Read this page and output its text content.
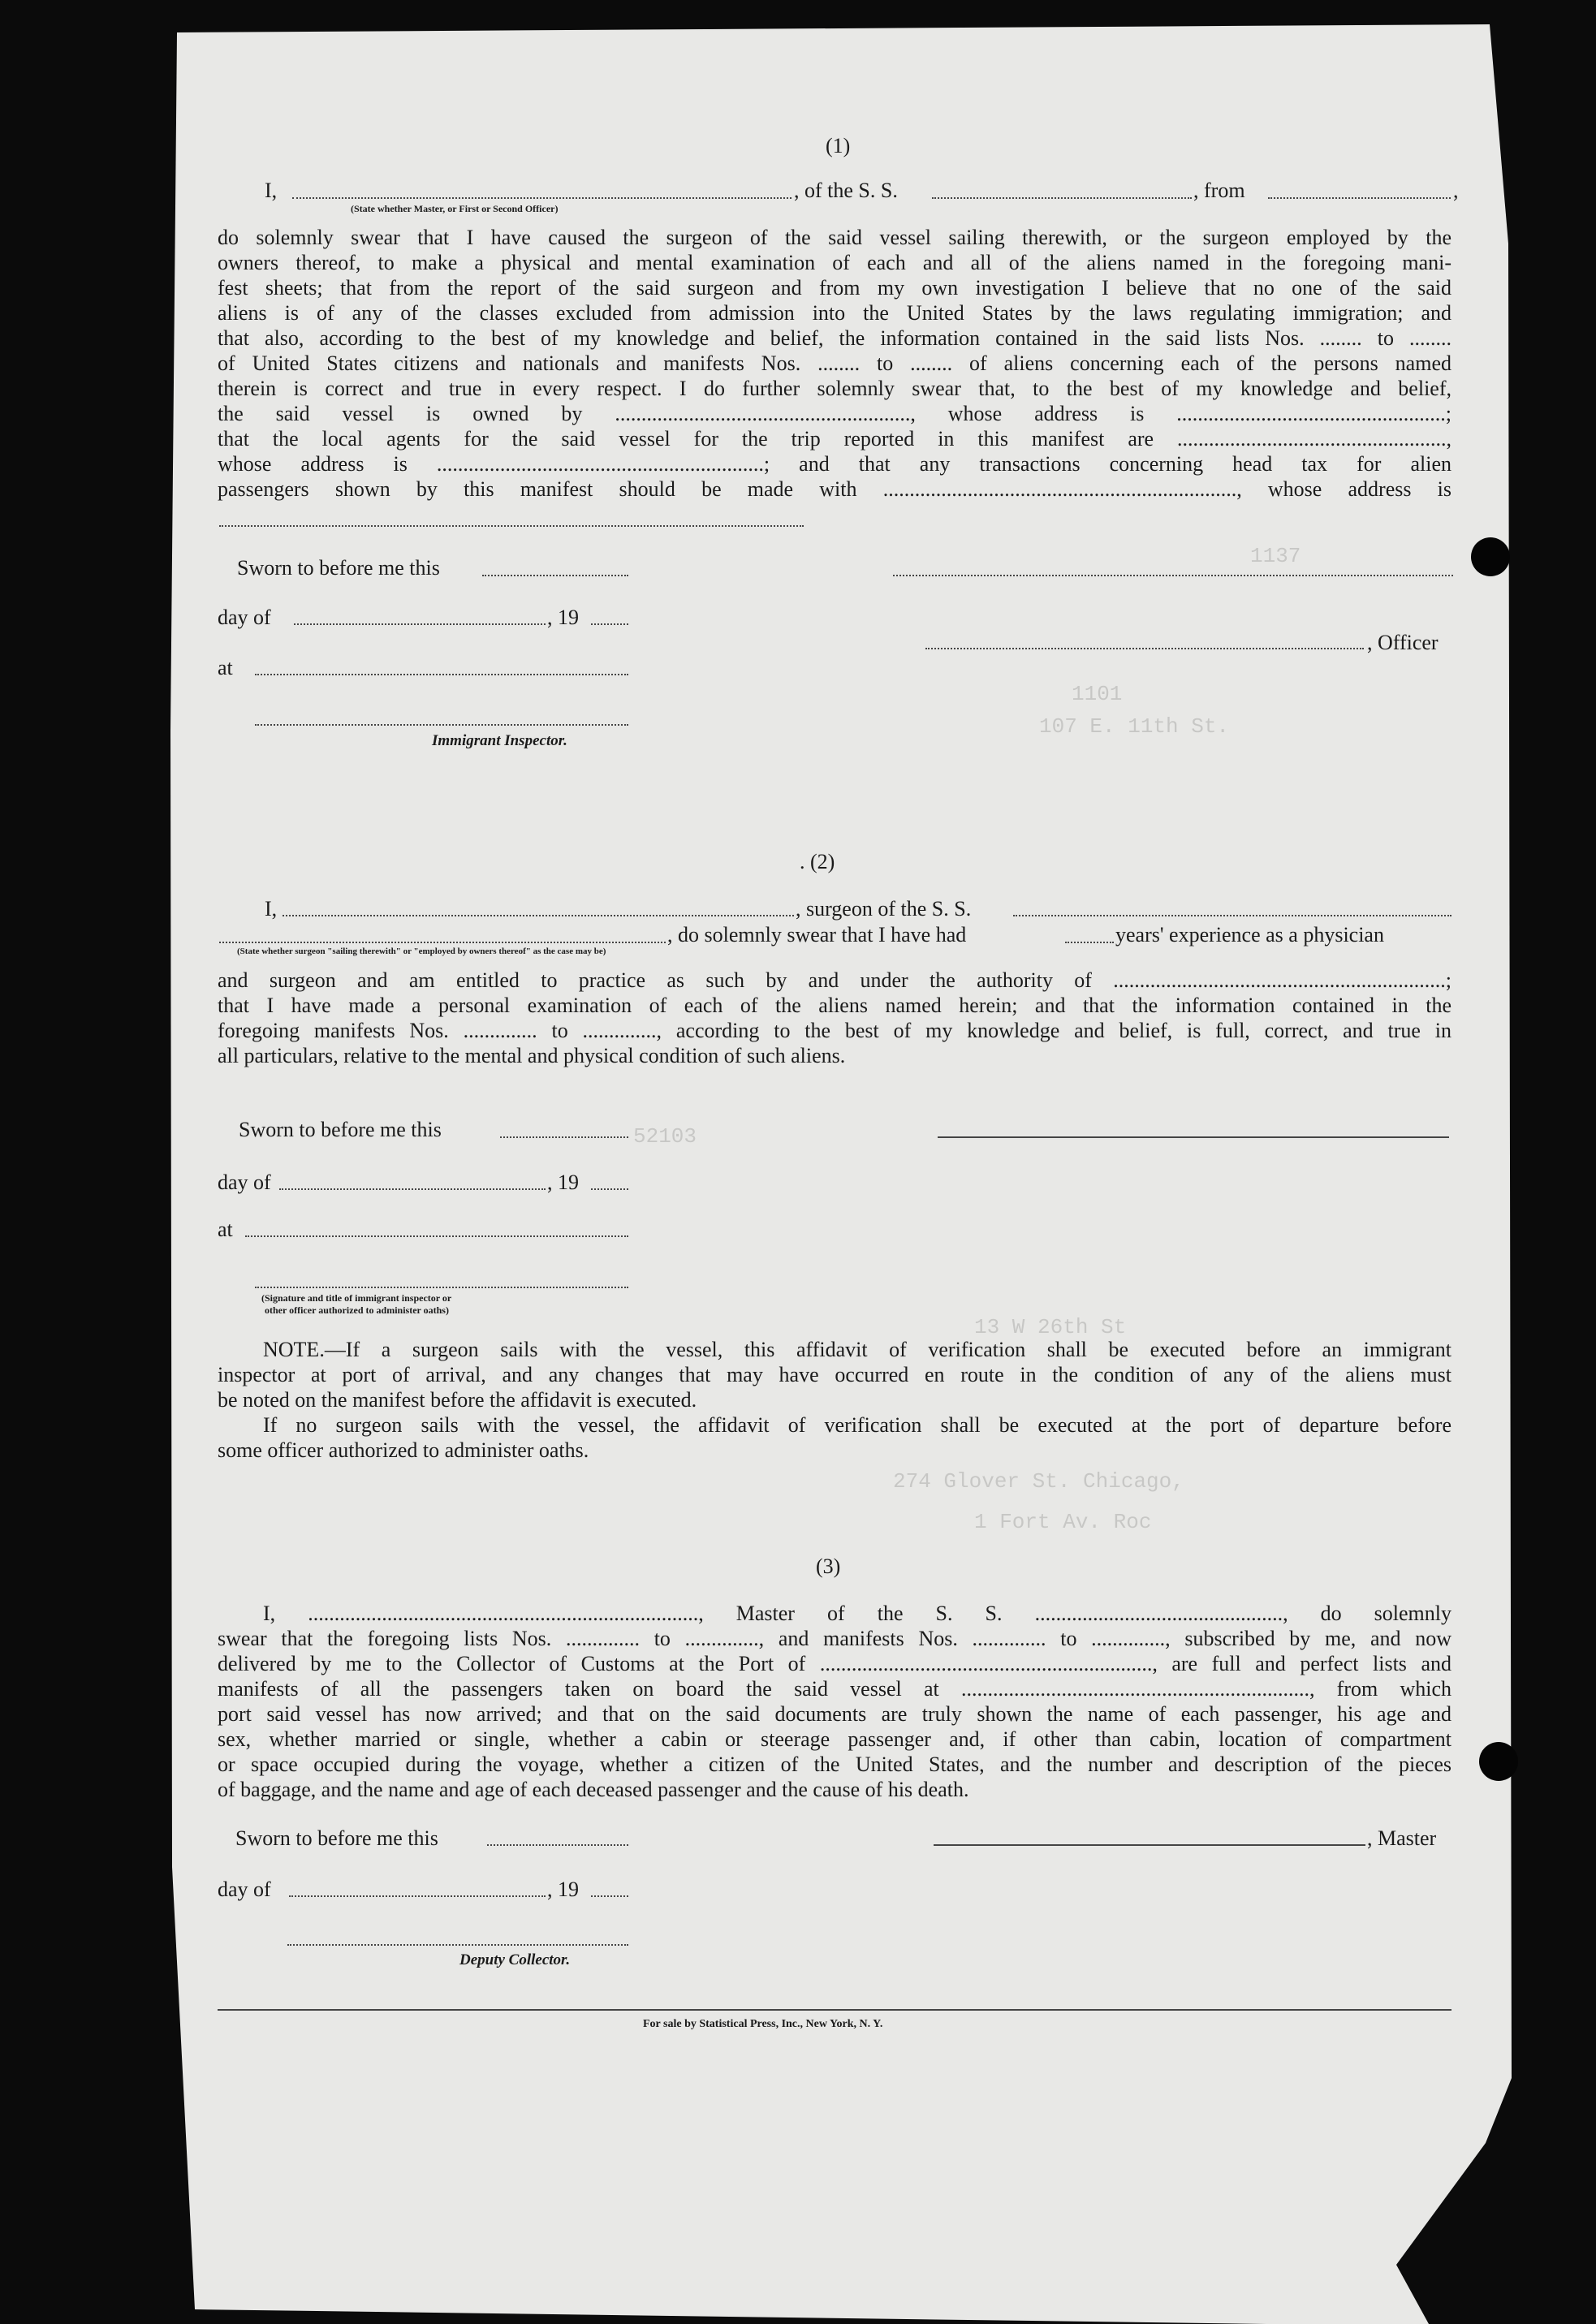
1137
1101
107 E. 11th St.
52103
13 W 26th St
274 Glover St. Chicago,
1 Fort Av. Roc
(1)
I,
(State whether Master, or First or Second Officer)
, of the S. S.	, from	,
do solemnly swear that I have caused the surgeon of the said vessel sailing therewith, or the surgeon employed by the
owners thereof, to make a physical and mental examination of each and all of the aliens named in the foregoing mani-
fest sheets; that from the report of the said surgeon and from my own investigation I believe that no one of the said
aliens is of any of the classes excluded from admission into the United States by the laws regulating immigration; and
that also, according to the best of my knowledge and belief, the information contained in the said lists Nos. ........ to ........
of United States citizens and nationals and manifests Nos. ........ to ........ of aliens concerning each of the persons named
therein is correct and true in every respect. I do further solemnly swear that, to the best of my knowledge and belief,
the said vessel is owned by ........................................................, whose address is ...................................................;
that the local agents for the said vessel for the trip reported in this manifest are ...................................................,
whose address is ..............................................................; and that any transactions concerning head tax for alien
passengers shown by this manifest should be made with ..................................................................., whose address is
Sworn to before me this
day of	, 19
, Officer
at
Immigrant Inspector.
. (2)
I,	, surgeon of the S. S.
, do solemnly swear that I have had	years' experience as a physician
(State whether surgeon "sailing therewith" or "employed by owners thereof" as the case may be)
and surgeon and am entitled to practice as such by and under the authority of ...............................................................;
that I have made a personal examination of each of the aliens named herein; and that the information contained in the
foregoing manifests Nos. .............. to .............., according to the best of my knowledge and belief, is full, correct, and true in
all particulars, relative to the mental and physical condition of such aliens.
Sworn to before me this
day of	, 19
at
(Signature and title of immigrant inspector or
other officer authorized to administer oaths)
NOTE.—If a surgeon sails with the vessel, this affidavit of verification shall be executed before an immigrant
inspector at port of arrival, and any changes that may have occurred en route in the condition of any of the aliens must
be noted on the manifest before the affidavit is executed.
If no surgeon sails with the vessel, the affidavit of verification shall be executed at the port of departure before
some officer authorized to administer oaths.
(3)
I, .........................................................................., Master of the S. S. ..............................................., do solemnly
swear that the foregoing lists Nos. .............. to .............., and manifests Nos. .............. to .............., subscribed by me, and now
delivered by me to the Collector of Customs at the Port of ..............................................................., are full and perfect lists and
manifests of all the passengers taken on board the said vessel at .................................................................., from which
port said vessel has now arrived; and that on the said documents are truly shown the name of each passenger, his age and
sex, whether married or single, whether a cabin or steerage passenger and, if other than cabin, location of compartment
or space occupied during the voyage, whether a citizen of the United States, and the number and description of the pieces
of baggage, and the name and age of each deceased passenger and the cause of his death.
Sworn to before me this	, Master
day of	, 19
Deputy Collector.
For sale by Statistical Press, Inc., New York, N. Y.
